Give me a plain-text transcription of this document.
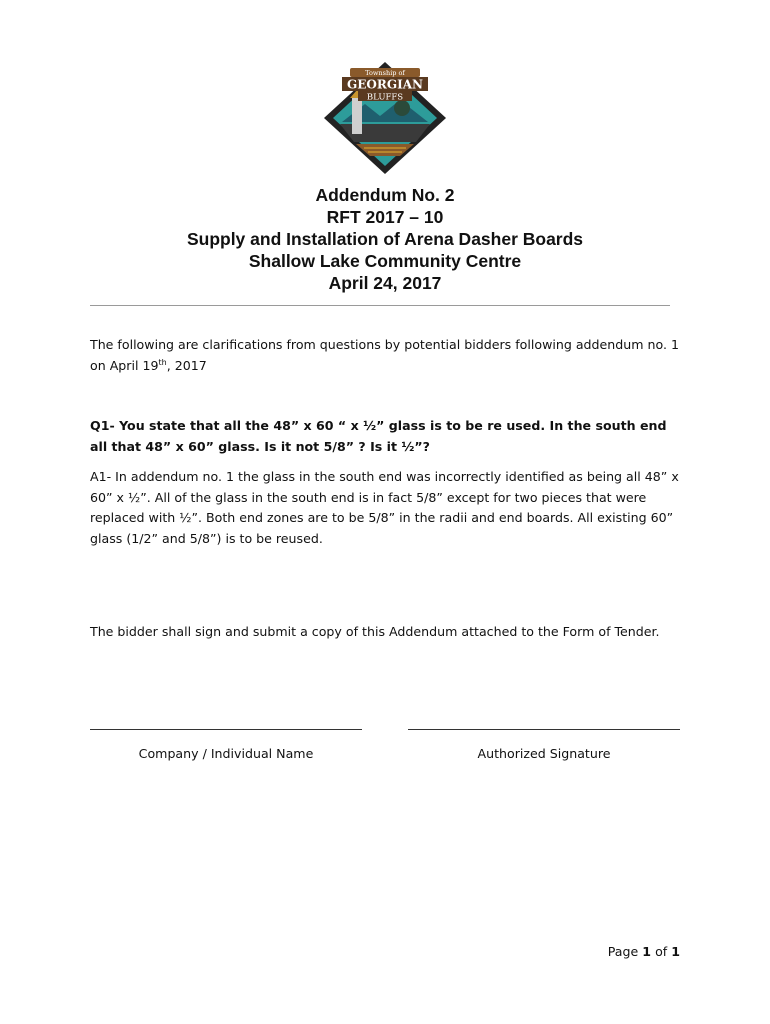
Township of
GEORGIAN
BLUFFS
Addendum No. 2
RFT 2017 – 10
Supply and Installation of Arena Dasher Boards
Shallow Lake Community Centre
April 24, 2017
The following are clarifications from questions by potential bidders following addendum no. 1 on April 19th, 2017
Q1- You state that all the 48” x 60 “ x ½” glass is to be re used. In the south end all that 48” x 60” glass. Is it not 5/8” ? Is it ½”?
A1- In addendum no. 1 the glass in the south end was incorrectly identified as being all 48” x 60” x ½”. All of the glass in the south end is in fact 5/8” except for two pieces that were replaced with ½”. Both end zones are to be 5/8” in the radii and end boards. All existing 60” glass (1/2” and 5/8”) is to be reused.
The bidder shall sign and submit a copy of this Addendum attached to the Form of Tender.
Company / Individual Name	Authorized Signature
Page 1 of 1
